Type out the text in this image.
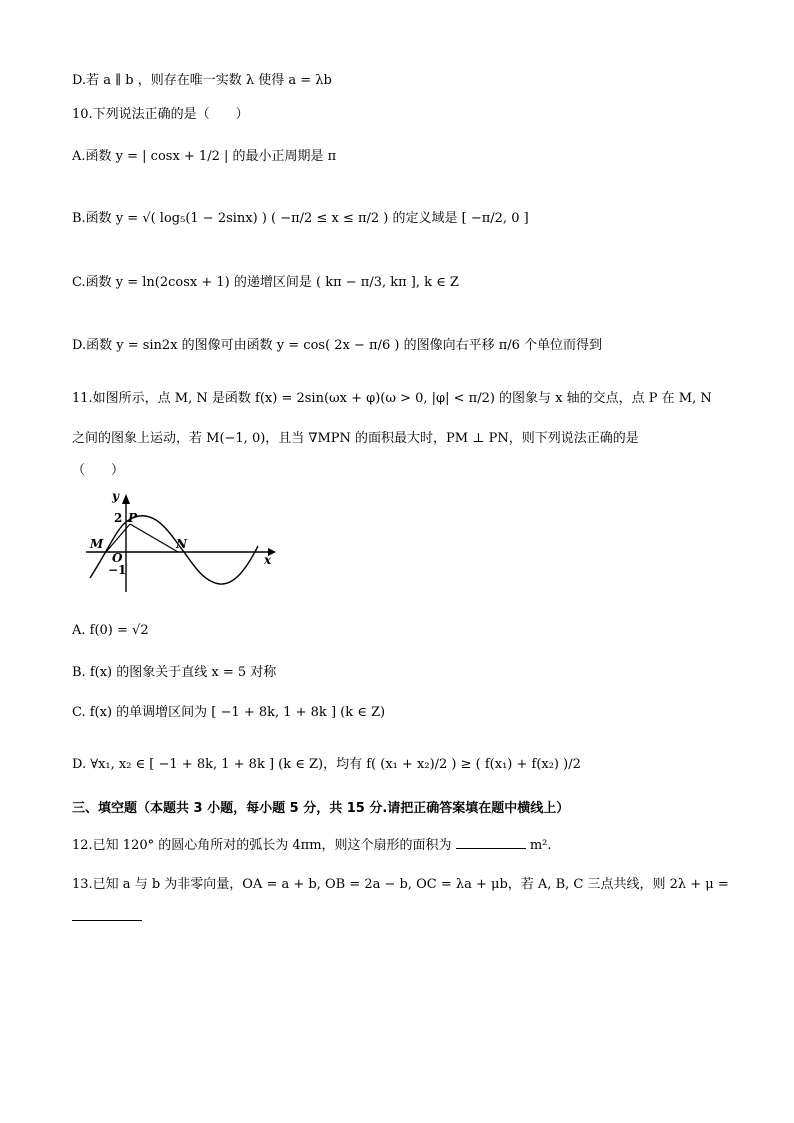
D.若 a ∥ b ，则存在唯一实数 λ 使得 a = λb
10.下列说法正确的是（　　）
A.函数 y = | cosx + 1/2 | 的最小正周期是 π
B.函数 y = √( log₅(1 − 2sinx) ) ( −π/2 ≤ x ≤ π/2 ) 的定义域是 [ −π/2, 0 ]
C.函数 y = ln(2cosx + 1) 的递增区间是 ( kπ − π/3, kπ ], k ∈ Z
D.函数 y = sin2x 的图像可由函数 y = cos( 2x − π/6 ) 的图像向右平移 π/6 个单位而得到
11.如图所示，点 M, N 是函数 f(x) = 2sin(ωx + φ)(ω > 0, |φ| < π/2) 的图象与 x 轴的交点，点 P 在 M, N
之间的图象上运动，若 M(−1, 0)，且当 ∇MPN 的面积最大时，PM ⊥ PN，则下列说法正确的是
（　　）
y
x
2 P
M	N
O
−1
A. f(0) = √2
B. f(x) 的图象关于直线 x = 5 对称
C. f(x) 的单调增区间为 [ −1 + 8k, 1 + 8k ] (k ∈ Z)
D. ∀x₁, x₂ ∈ [ −1 + 8k, 1 + 8k ] (k ∈ Z)，均有 f( (x₁ + x₂)/2 ) ≥ ( f(x₁) + f(x₂) )/2
三、填空题（本题共 3 小题，每小题 5 分，共 15 分.请把正确答案填在题中横线上）
12.已知 120° 的圆心角所对的弧长为 4πm，则这个扇形的面积为	m².
13.已知 a 与 b 为非零向量，OA = a + b, OB = 2a − b, OC = λa + μb，若 A, B, C 三点共线，则 2λ + μ =
